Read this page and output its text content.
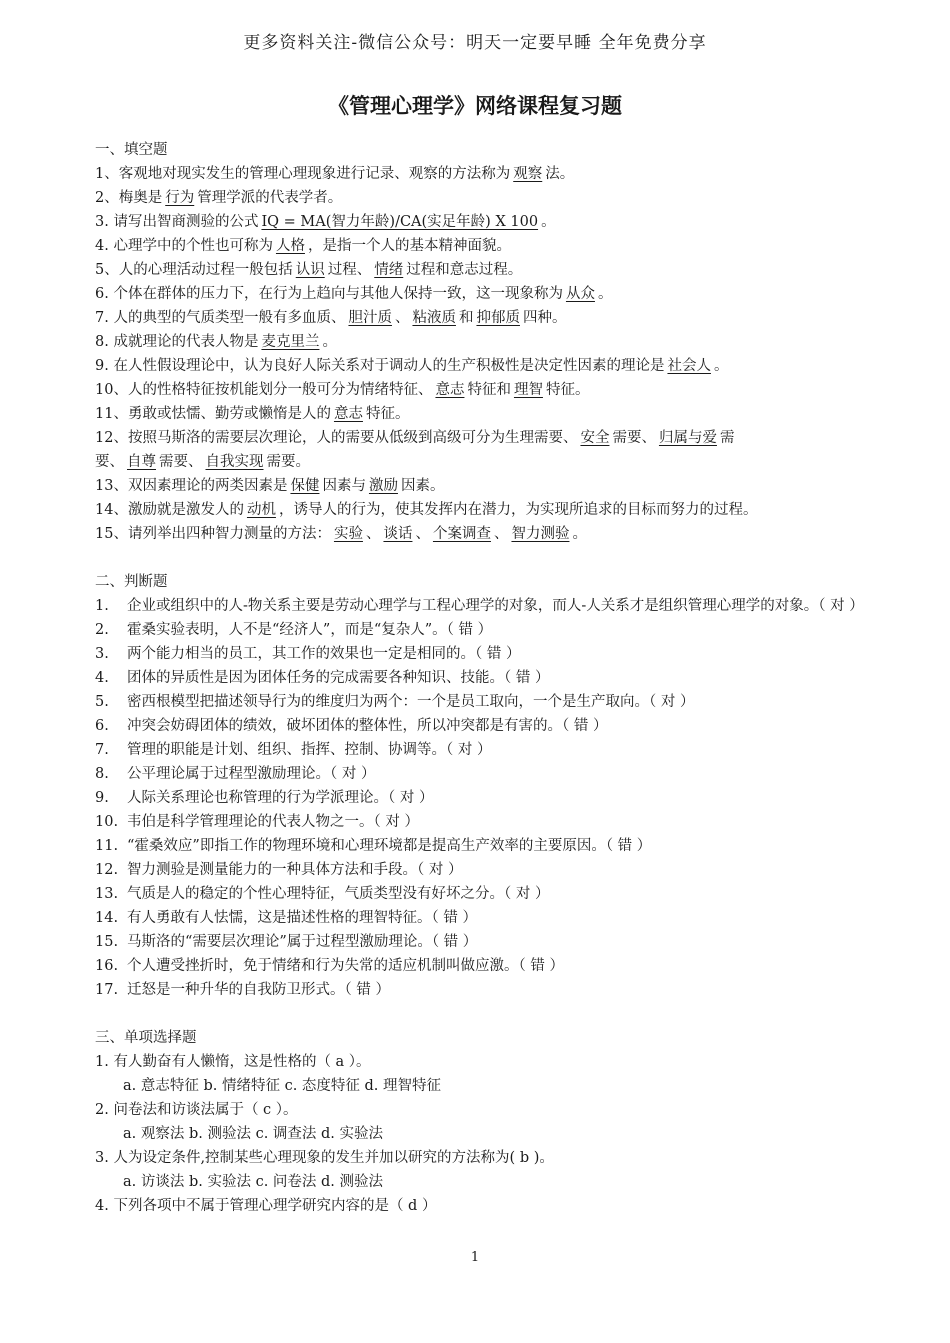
更多资料关注-微信公众号：明天一定要早睡 全年免费分享
《管理心理学》网络课程复习题
一、填空题
1、客观地对现实发生的管理心理现象进行记录、观察的方法称为 观察 法。
2、梅奥是 行为 管理学派的代表学者。
3. 请写出智商测验的公式 IQ = MA(智力年龄)/CA(实足年龄) X 100 。
4. 心理学中的个性也可称为 人格 ，是指一个人的基本精神面貌。
5、人的心理活动过程一般包括 认识 过程、 情绪 过程和意志过程。
6. 个体在群体的压力下，在行为上趋向与其他人保持一致，这一现象称为 从众 。
7. 人的典型的气质类型一般有多血质、 胆汁质 、 粘液质 和 抑郁质 四种。
8. 成就理论的代表人物是 麦克里兰 。
9. 在人性假设理论中，认为良好人际关系对于调动人的生产积极性是决定性因素的理论是 社会人 。
10、人的性格特征按机能划分一般可分为情绪特征、 意志 特征和 理智 特征。
11、勇敢或怯懦、勤劳或懒惰是人的 意志 特征。
12、按照马斯洛的需要层次理论，人的需要从低级到高级可分为生理需要、 安全 需要、 归属与爱 需
要、 自尊 需要、 自我实现 需要。
13、双因素理论的两类因素是 保健 因素与 激励 因素。
14、激励就是激发人的 动机 ，诱导人的行为，使其发挥内在潜力，为实现所追求的目标而努力的过程。
15、请列举出四种智力测量的方法： 实验 、 谈话 、 个案调查 、 智力测验 。
二、判断题
1.	企业或组织中的人-物关系主要是劳动心理学与工程心理学的对象，而人-人关系才是组织管理心理学的对象。（ 对 ）
2.	霍桑实验表明，人不是“经济人”，而是“复杂人”。（ 错 ）
3.	两个能力相当的员工，其工作的效果也一定是相同的。（ 错 ）
4.	团体的异质性是因为团体任务的完成需要各种知识、技能。（ 错 ）
5.	密西根模型把描述领导行为的维度归为两个：一个是员工取向，一个是生产取向。（ 对 ）
6.	冲突会妨碍团体的绩效，破坏团体的整体性，所以冲突都是有害的。（ 错 ）
7.	管理的职能是计划、组织、指挥、控制、协调等。（ 对 ）
8.	公平理论属于过程型激励理论。（ 对 ）
9.	人际关系理论也称管理的行为学派理论。（ 对 ）
10. 韦伯是科学管理理论的代表人物之一。（ 对 ）
11. “霍桑效应”即指工作的物理环境和心理环境都是提高生产效率的主要原因。（ 错 ）
12. 智力测验是测量能力的一种具体方法和手段。（ 对 ）
13. 气质是人的稳定的个性心理特征，气质类型没有好坏之分。（ 对 ）
14. 有人勇敢有人怯懦，这是描述性格的理智特征。（ 错 ）
15. 马斯洛的“需要层次理论”属于过程型激励理论。（ 错 ）
16. 个人遭受挫折时，免于情绪和行为失常的适应机制叫做应激。（ 错 ）
17. 迁怒是一种升华的自我防卫形式。（ 错 ）
三、单项选择题
1. 有人勤奋有人懒惰，这是性格的（ a ）。
a. 意志特征 b. 情绪特征 c. 态度特征 d. 理智特征
2. 问卷法和访谈法属于（ c ）。
a. 观察法 b. 测验法 c. 调查法 d. 实验法
3. 人为设定条件,控制某些心理现象的发生并加以研究的方法称为( b )。
a. 访谈法 b. 实验法 c. 问卷法 d. 测验法
4. 下列各项中不属于管理心理学研究内容的是（ d ）
1
